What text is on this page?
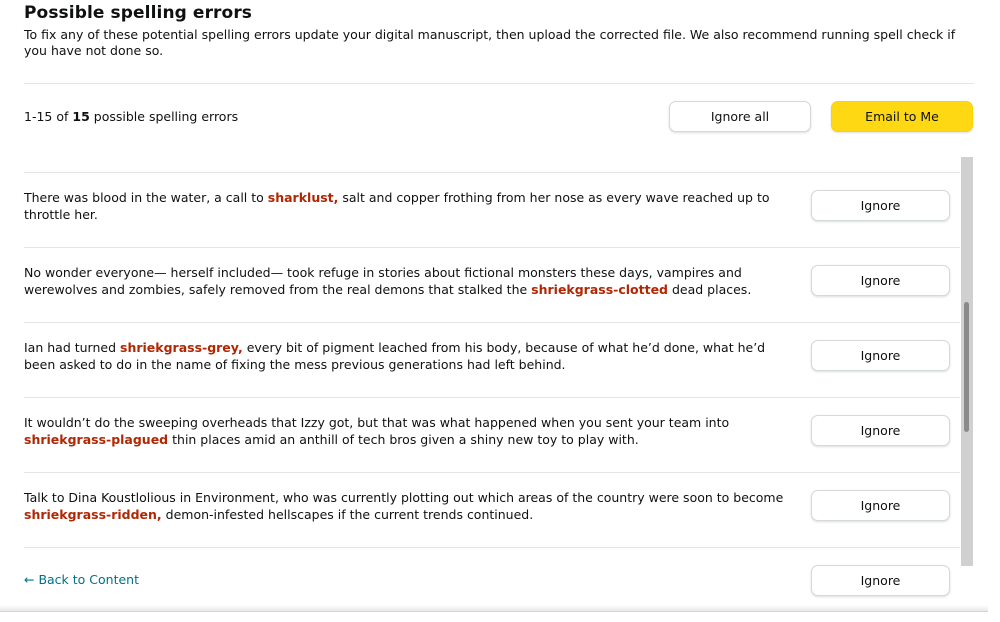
Possible spelling errors

To fix any of these potential spelling errors update your digital manuscript, then upload the corrected file. We also recommend running spell check if you have not done so.

1-15 of 15 possible spelling errors	Ignore all	Email to Me
There was blood in the water, a call to sharklust, salt and copper frothing from her nose as every wave reached up to throttle her.
Ignore
No wonder everyone— herself included— took refuge in stories about fictional monsters these days, vampires and werewolves and zombies, safely removed from the real demons that stalked the shriekgrass-clotted dead places.
Ignore
Ian had turned shriekgrass-grey, every bit of pigment leached from his body, because of what he’d done, what he’d been asked to do in the name of fixing the mess previous generations had left behind.
Ignore
It wouldn’t do the sweeping overheads that Izzy got, but that was what happened when you sent your team into shriekgrass-plagued thin places amid an anthill of tech bros given a shiny new toy to play with.
Ignore
Talk to Dina Koustlolious in Environment, who was currently plotting out which areas of the country were soon to become shriekgrass-ridden, demon-infested hellscapes if the current trends continued.
Ignore
Ignore
← Back to Content
